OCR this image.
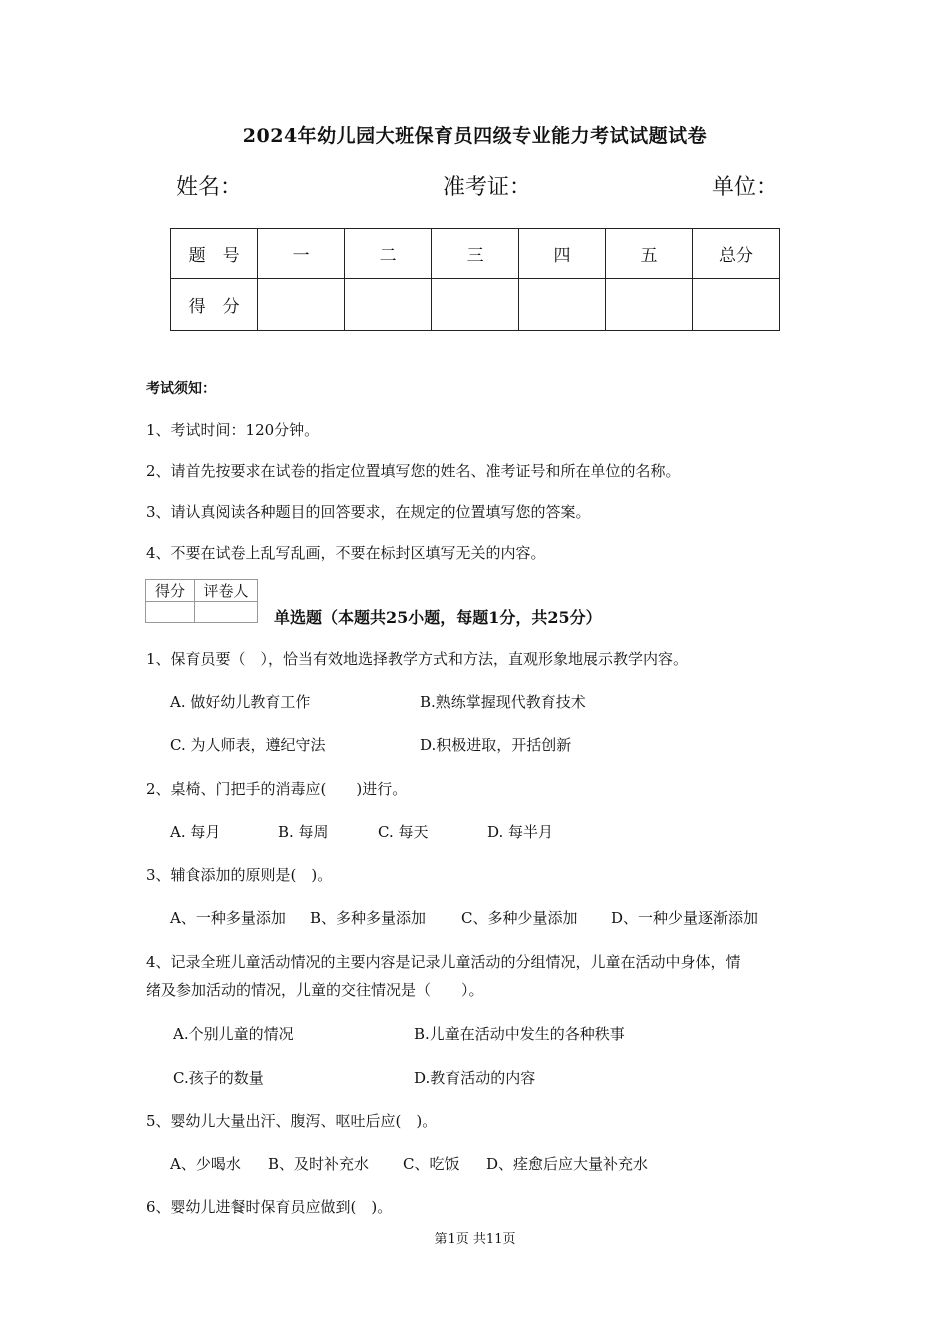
2024年幼儿园大班保育员四级专业能力考试试题试卷
姓名：	准考证：	单位：
题　号	一	二	三	四	五	总分
得　分						
考试须知：
1、考试时间：120分钟。
2、请首先按要求在试卷的指定位置填写您的姓名、准考证号和所在单位的名称。
3、请认真阅读各种题目的回答要求，在规定的位置填写您的答案。
4、不要在试卷上乱写乱画，不要在标封区填写无关的内容。
得分	评卷人

单选题（本题共25小题，每题1分，共25分）
1、保育员要（　），恰当有效地选择教学方式和方法，直观形象地展示教学内容。
A. 做好幼儿教育工作	B.熟练掌握现代教育技术
C. 为人师表，遵纪守法	D.积极进取，开括创新
2、桌椅、门把手的消毒应(　　)进行。
A. 每月	B. 每周	C. 每天	D. 每半月
3、辅食添加的原则是(　)。
A、一种多量添加 B、多种多量添加 C、多种少量添加 D、一种少量逐渐添加
4、记录全班儿童活动情况的主要内容是记录儿童活动的分组情况，儿童在活动中身体，情
绪及参加活动的情况，儿童的交往情况是（　　）。
A.个别儿童的情况	B.儿童在活动中发生的各种秩事
C.孩子的数量	D.教育活动的内容
5、婴幼儿大量出汗、腹泻、呕吐后应(　)。
A、少喝水 B、及时补充水 C、吃饭 D、痊愈后应大量补充水
6、婴幼儿进餐时保育员应做到(　)。
第1页 共11页
